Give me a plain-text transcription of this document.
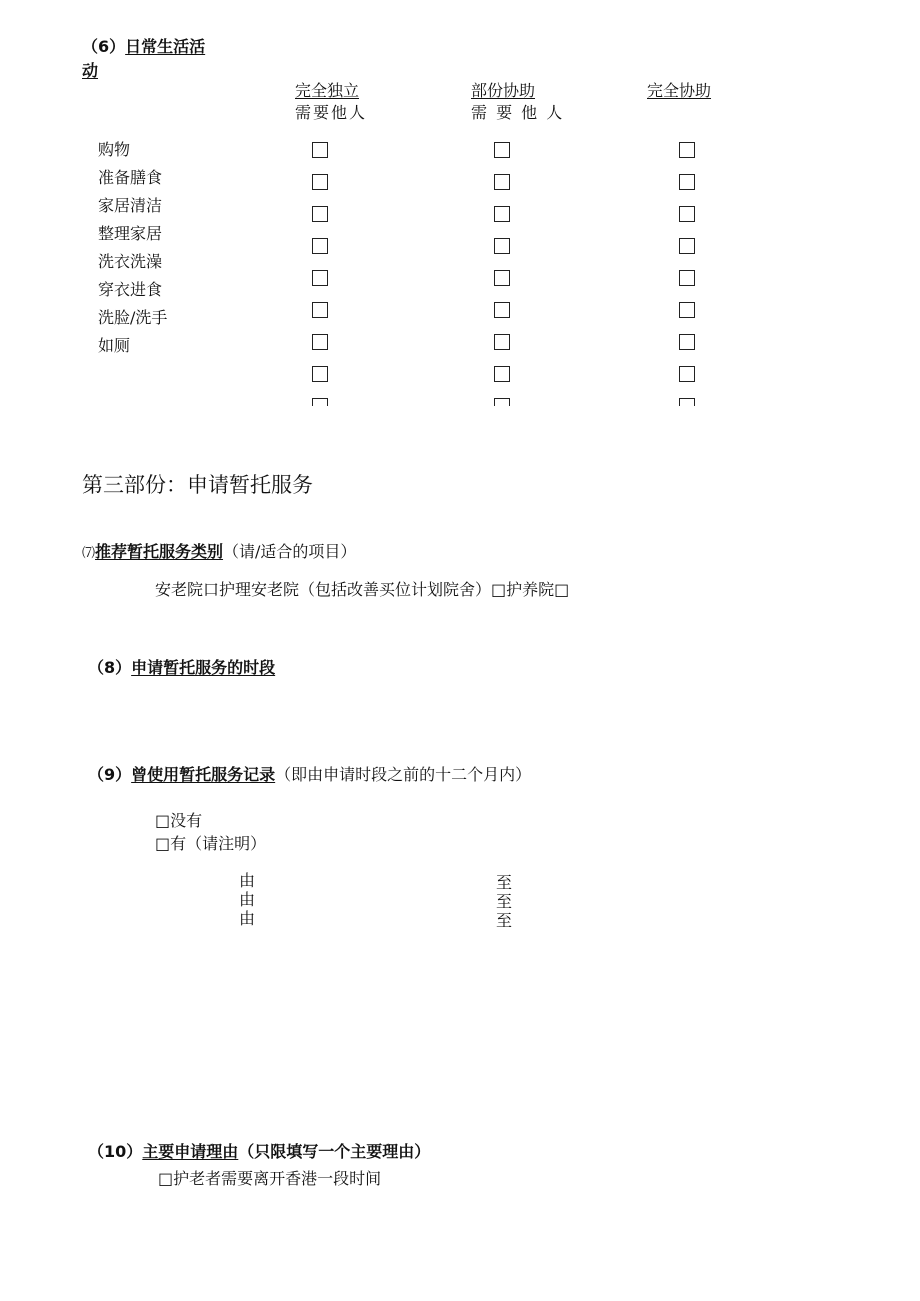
（6）日常生活活
动
完全独立
需要他人
部份协助
需 要 他 人
完全协助
购物
准备膳食
家居清洁
整理家居
洗衣洗澡
穿衣进食
洗脸/洗手
如厕
第三部份：申请暂托服务
⑺推荐暂托服务类别（请/适合的项目）
安老院口护理安老院（包括改善买位计划院舍）□护养院□
（8）申请暂托服务的时段
（9）曾使用暂托服务记录（即由申请时段之前的十二个月内）
□没有
□有（请注明）
由由由
至至至
（10）主要申请理由（只限填写一个主要理由）
□护老者需要离开香港一段时间
